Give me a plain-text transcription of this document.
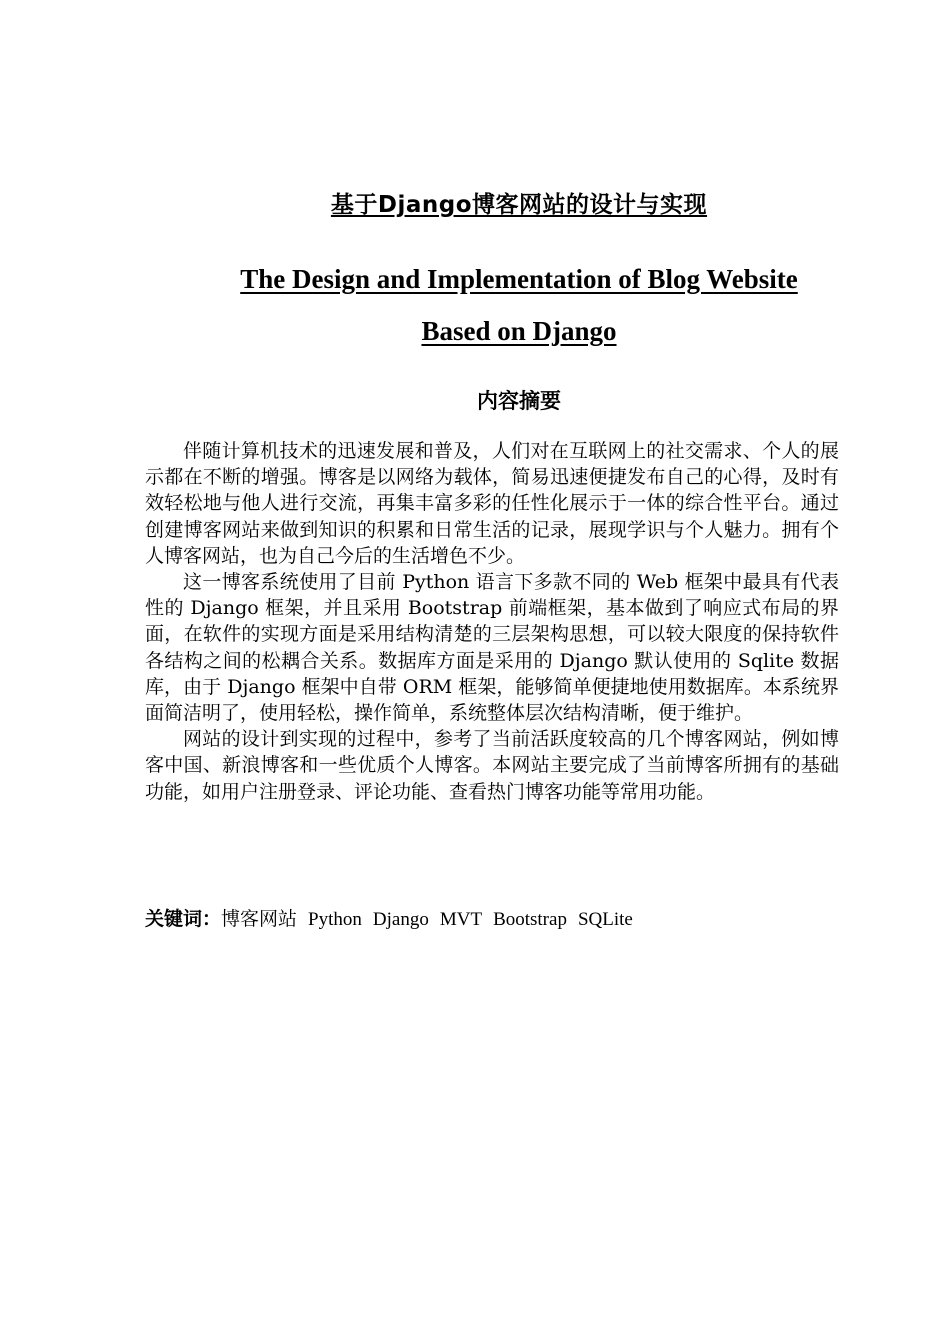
基于Django博客网站的设计与实现
The Design and Implementation of Blog Website
Based on Django
内容摘要

伴随计算机技术的迅速发展和普及，人们对在互联网上的社交需求、个人的展示都在不断的增强。博客是以网络为载体，简易迅速便捷发布自己的心得，及时有效轻松地与他人进行交流，再集丰富多彩的任性化展示于一体的综合性平台。通过创建博客网站来做到知识的积累和日常生活的记录，展现学识与个人魅力。拥有个人博客网站，也为自己今后的生活增色不少。

这一博客系统使用了目前 Python 语言下多款不同的 Web 框架中最具有代表性的 Django 框架，并且采用 Bootstrap 前端框架，基本做到了响应式布局的界面，在软件的实现方面是采用结构清楚的三层架构思想，可以较大限度的保持软件各结构之间的松耦合关系。数据库方面是采用的 Django 默认使用的 Sqlite 数据库，由于 Django 框架中自带 ORM 框架，能够简单便捷地使用数据库。本系统界面简洁明了，使用轻松，操作简单，系统整体层次结构清晰，便于维护。

网站的设计到实现的过程中，参考了当前活跃度较高的几个博客网站，例如博客中国、新浪博客和一些优质个人博客。本网站主要完成了当前博客所拥有的基础功能，如用户注册登录、评论功能、查看热门博客功能等常用功能。

关键词：博客网站 Python Django MVT Bootstrap SQLite
